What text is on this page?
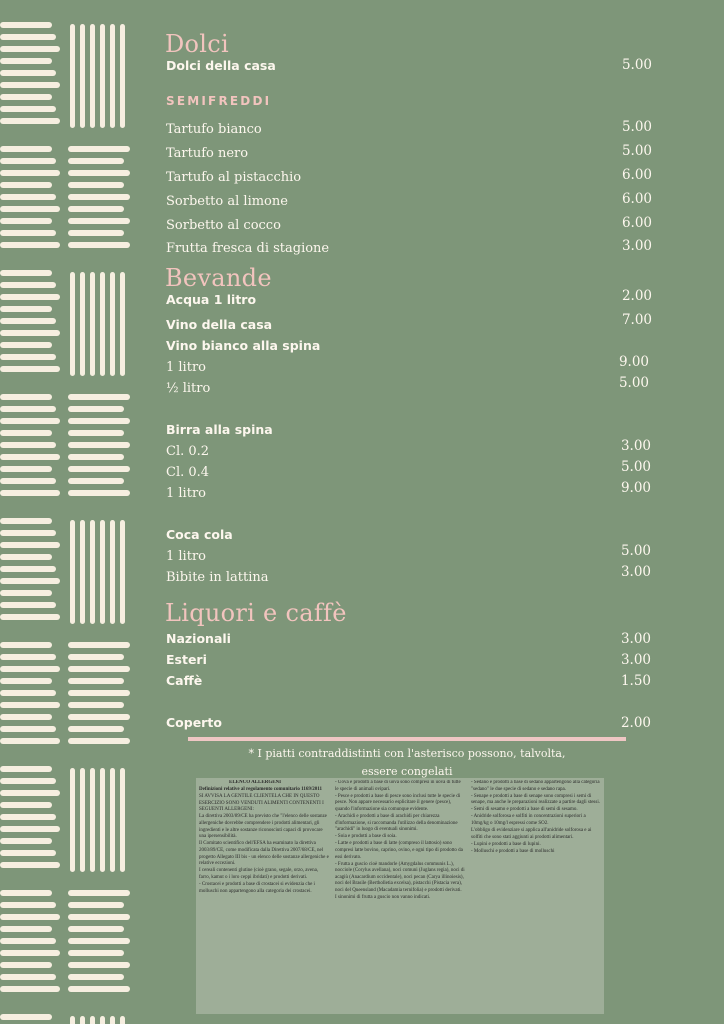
Dolci
Dolci della casa	5.00
SEMIFREDDI
Tartufo bianco	5.00
Tartufo nero	5.00
Tartufo al pistacchio	6.00
Sorbetto al limone	6.00
Sorbetto al cocco	6.00
Frutta fresca di stagione	3.00
Bevande
Acqua 1 litro	2.00
Vino della casa	7.00
Vino bianco alla spina
1 litro	9.00
½ litro	5.00
Birra alla spina
Cl. 0.2	3.00
Cl. 0.4	5.00
1 litro	9.00
Coca cola
1 litro	5.00
Bibite in lattina	3.00
Liquori e caffè
Nazionali	3.00
Esteri	3.00
Caffè	1.50
Coperto	2.00
* I piatti contraddistinti con l'asterisco possono, talvolta,
essere congelati

ELENCO ALLERGENI

Definizioni relative al regolamento comunitario 1169/2011

SI AVVISA LA GENTILE CLIENTELA CHE IN QUESTO ESERCIZIO SONO VENDUTI ALIMENTI CONTENENTI I SEGUENTI ALLERGENI:

La direttiva 2003/89/CE ha previsto che "l'elenco delle sostanze allergeniche dovrebbe comprendere i prodotti alimentari, gli ingredienti e le altre sostanze riconosciuti capaci di provocare una ipersensibilità.

Il Comitato scientifico dell'EFSA ha esaminato la direttiva 2003/89/CE, come modificata dalla Direttiva 2007/68/CE, nel progetto Allegato III bis - un elenco delle sostanze allergeniche e relative eccezioni.

I cereali contenenti glutine (cioè grano, segale, orzo, avena, farro, kamut o i loro ceppi ibridati) e prodotti derivati.

- Crostacei e prodotti a base di crostacei si evidenzia che i molluschi non appartengono alla categoria dei crostacei.

- Uova e prodotti a base di uova sono compresi in uova di tutte le specie di animali ovipari.

- Pesce e prodotti a base di pesce sono inclusi tutte le specie di pesce. Non appare necessario esplicitare il genere (pesce), quando l'informazione sia comunque evidente.

- Arachidi e prodotti a base di arachidi per chiarezza d'informazione, si raccomanda l'utilizzo della denominazione "arachidi" in luogo di eventuali sinonimi.

- Soia e prodotti a base di soia.

- Latte e prodotti a base di latte (compreso il lattosio) sono compresi latte bovino, caprino, ovino, e ogni tipo di prodotto da essi derivato.

- Frutta a guscio cioè mandorle (Amygdalus communis L.), nocciole (Corylus avellana), noci comuni (Juglans regia), noci di acagiù (Anacardium occidentale), noci pecan (Carya illinoiesis), noci del Brasile (Bertholletia excelsa), pistacchi (Pistacia vera), noci del Queensland (Macadamia ternifolia) e prodotti derivati.

I sinonimi di frutta a guscio non vanno indicati.

- Sedano e prodotti a base di sedano appartengono alla categoria "sedano" le due specie di sedano e sedano rapa.

- Senape e prodotti a base di senape sono compresi i semi di senape, ma anche le preparazioni realizzate a partire dagli stessi.

- Semi di sesamo e prodotti a base di semi di sesamo.

- Anidride solforosa e solfiti in concentrazioni superiori a 10mg/kg o 10mg/l espressi come SO2.

L'obbligo di evidenziare si applica all'anidride solforosa e ai solfiti che sono stati aggiunti ai prodotti alimentari.

- Lupini e prodotti a base di lupini.

- Molluschi e prodotti a base di molluschi
